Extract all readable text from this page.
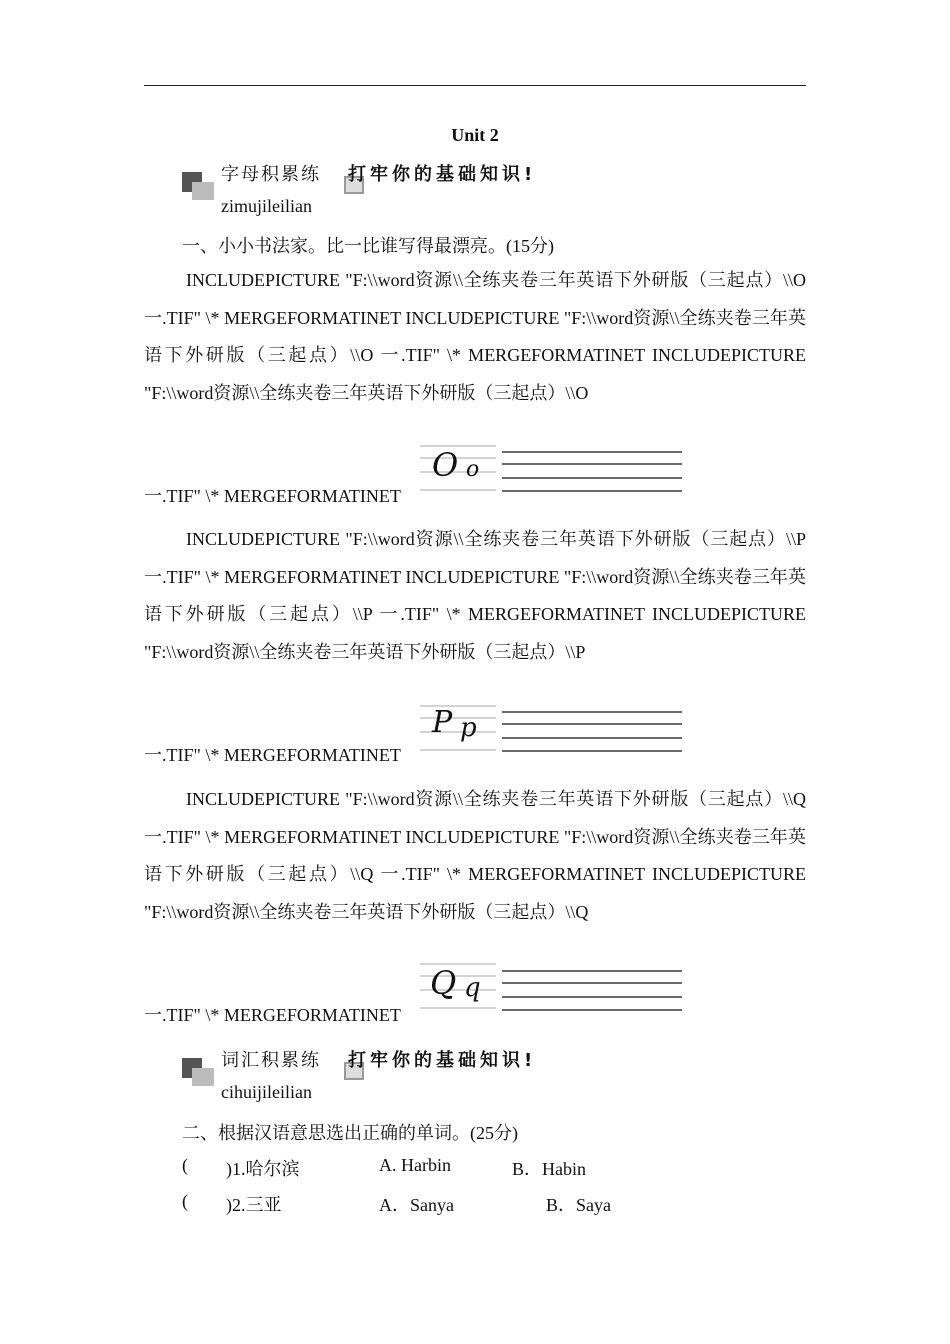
Unit 2
字母积累练
zimujileilian
打牢你的基础知识!
一、小小书法家。比一比谁写得最漂亮。(15分)
INCLUDEPICTURE "F:\\word资源\\全练夹卷三年英语下外研版（三起点）\\O 一.TIF" \* MERGEFORMATINET INCLUDEPICTURE "F:\\word资源\\全练夹卷三年英语下外研版（三起点）\\O 一.TIF" \* MERGEFORMATINET INCLUDEPICTURE "F:\\word资源\\全练夹卷三年英语下外研版（三起点）\\O
一.TIF" \* MERGEFORMATINET
O o
INCLUDEPICTURE "F:\\word资源\\全练夹卷三年英语下外研版（三起点）\\P 一.TIF" \* MERGEFORMATINET INCLUDEPICTURE "F:\\word资源\\全练夹卷三年英语下外研版（三起点）\\P 一.TIF" \* MERGEFORMATINET INCLUDEPICTURE "F:\\word资源\\全练夹卷三年英语下外研版（三起点）\\P
一.TIF" \* MERGEFORMATINET
P p
INCLUDEPICTURE "F:\\word资源\\全练夹卷三年英语下外研版（三起点）\\Q 一.TIF" \* MERGEFORMATINET INCLUDEPICTURE "F:\\word资源\\全练夹卷三年英语下外研版（三起点）\\Q 一.TIF" \* MERGEFORMATINET INCLUDEPICTURE "F:\\word资源\\全练夹卷三年英语下外研版（三起点）\\Q
一.TIF" \* MERGEFORMATINET
Q q
词汇积累练
cihuijileilian
打牢你的基础知识!
二、根据汉语意思选出正确的单词。(25分)
( )1.哈尔滨	A. Harbin	B．Habin
( )2.三亚	A．Sanya	B．Saya
